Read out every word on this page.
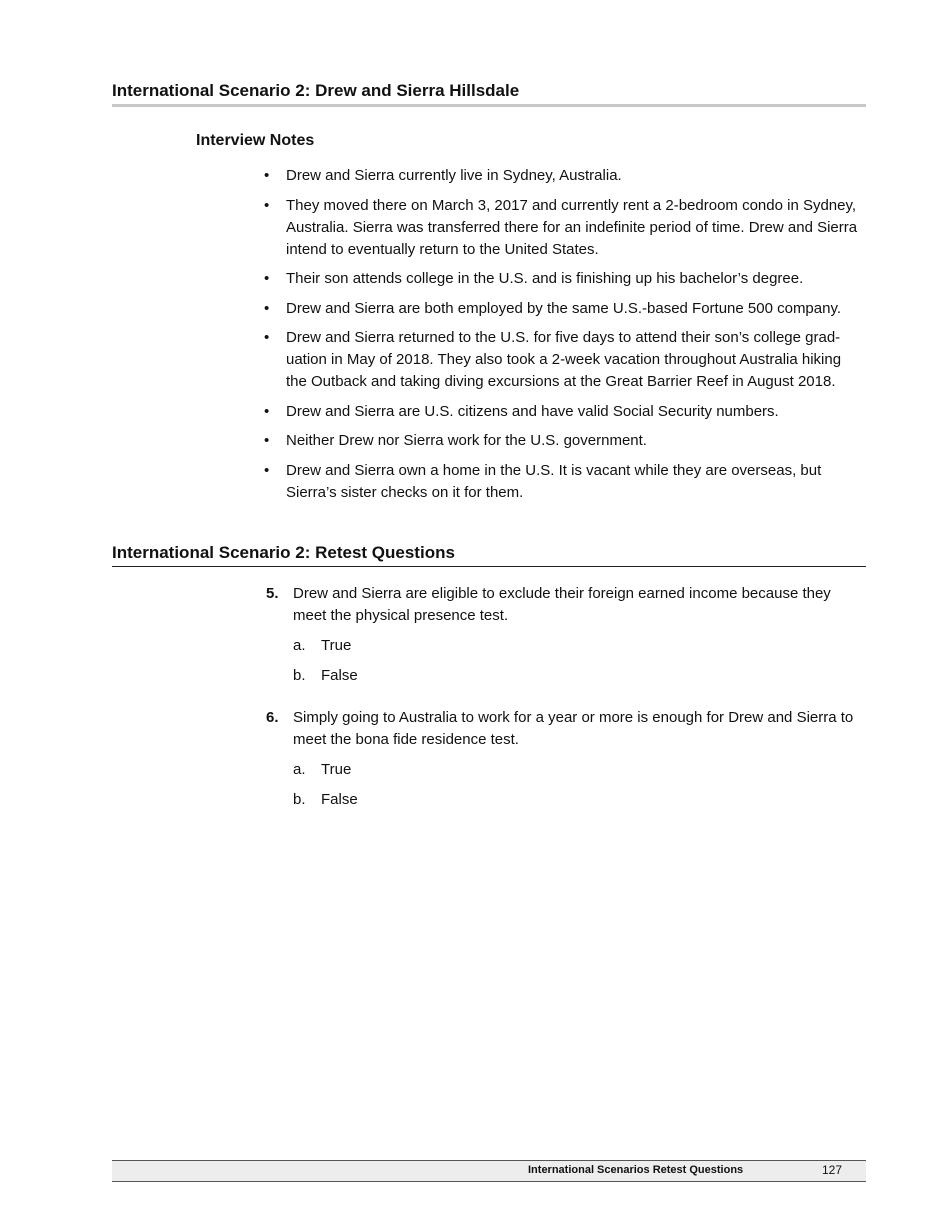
International Scenario 2: Drew and Sierra Hillsdale
Interview Notes
• Drew and Sierra currently live in Sydney, Australia.
• They moved there on March 3, 2017 and currently rent a 2-bedroom condo in Sydney, Australia. Sierra was transferred there for an indefinite period of time. Drew and Sierra intend to eventually return to the United States.
• Their son attends college in the U.S. and is finishing up his bachelor’s degree.
• Drew and Sierra are both employed by the same U.S.-based Fortune 500 company.
• Drew and Sierra returned to the U.S. for five days to attend their son’s college grad-uation in May of 2018. They also took a 2-week vacation throughout Australia hiking the Outback and taking diving excursions at the Great Barrier Reef in August 2018.
• Drew and Sierra are U.S. citizens and have valid Social Security numbers.
• Neither Drew nor Sierra work for the U.S. government.
• Drew and Sierra own a home in the U.S. It is vacant while they are overseas, but Sierra’s sister checks on it for them.
International Scenario 2: Retest Questions
5. Drew and Sierra are eligible to exclude their foreign earned income because they meet the physical presence test.
a. True
b. False
6. Simply going to Australia to work for a year or more is enough for Drew and Sierra to meet the bona fide residence test.
a. True
b. False
International Scenarios Retest Questions	127
